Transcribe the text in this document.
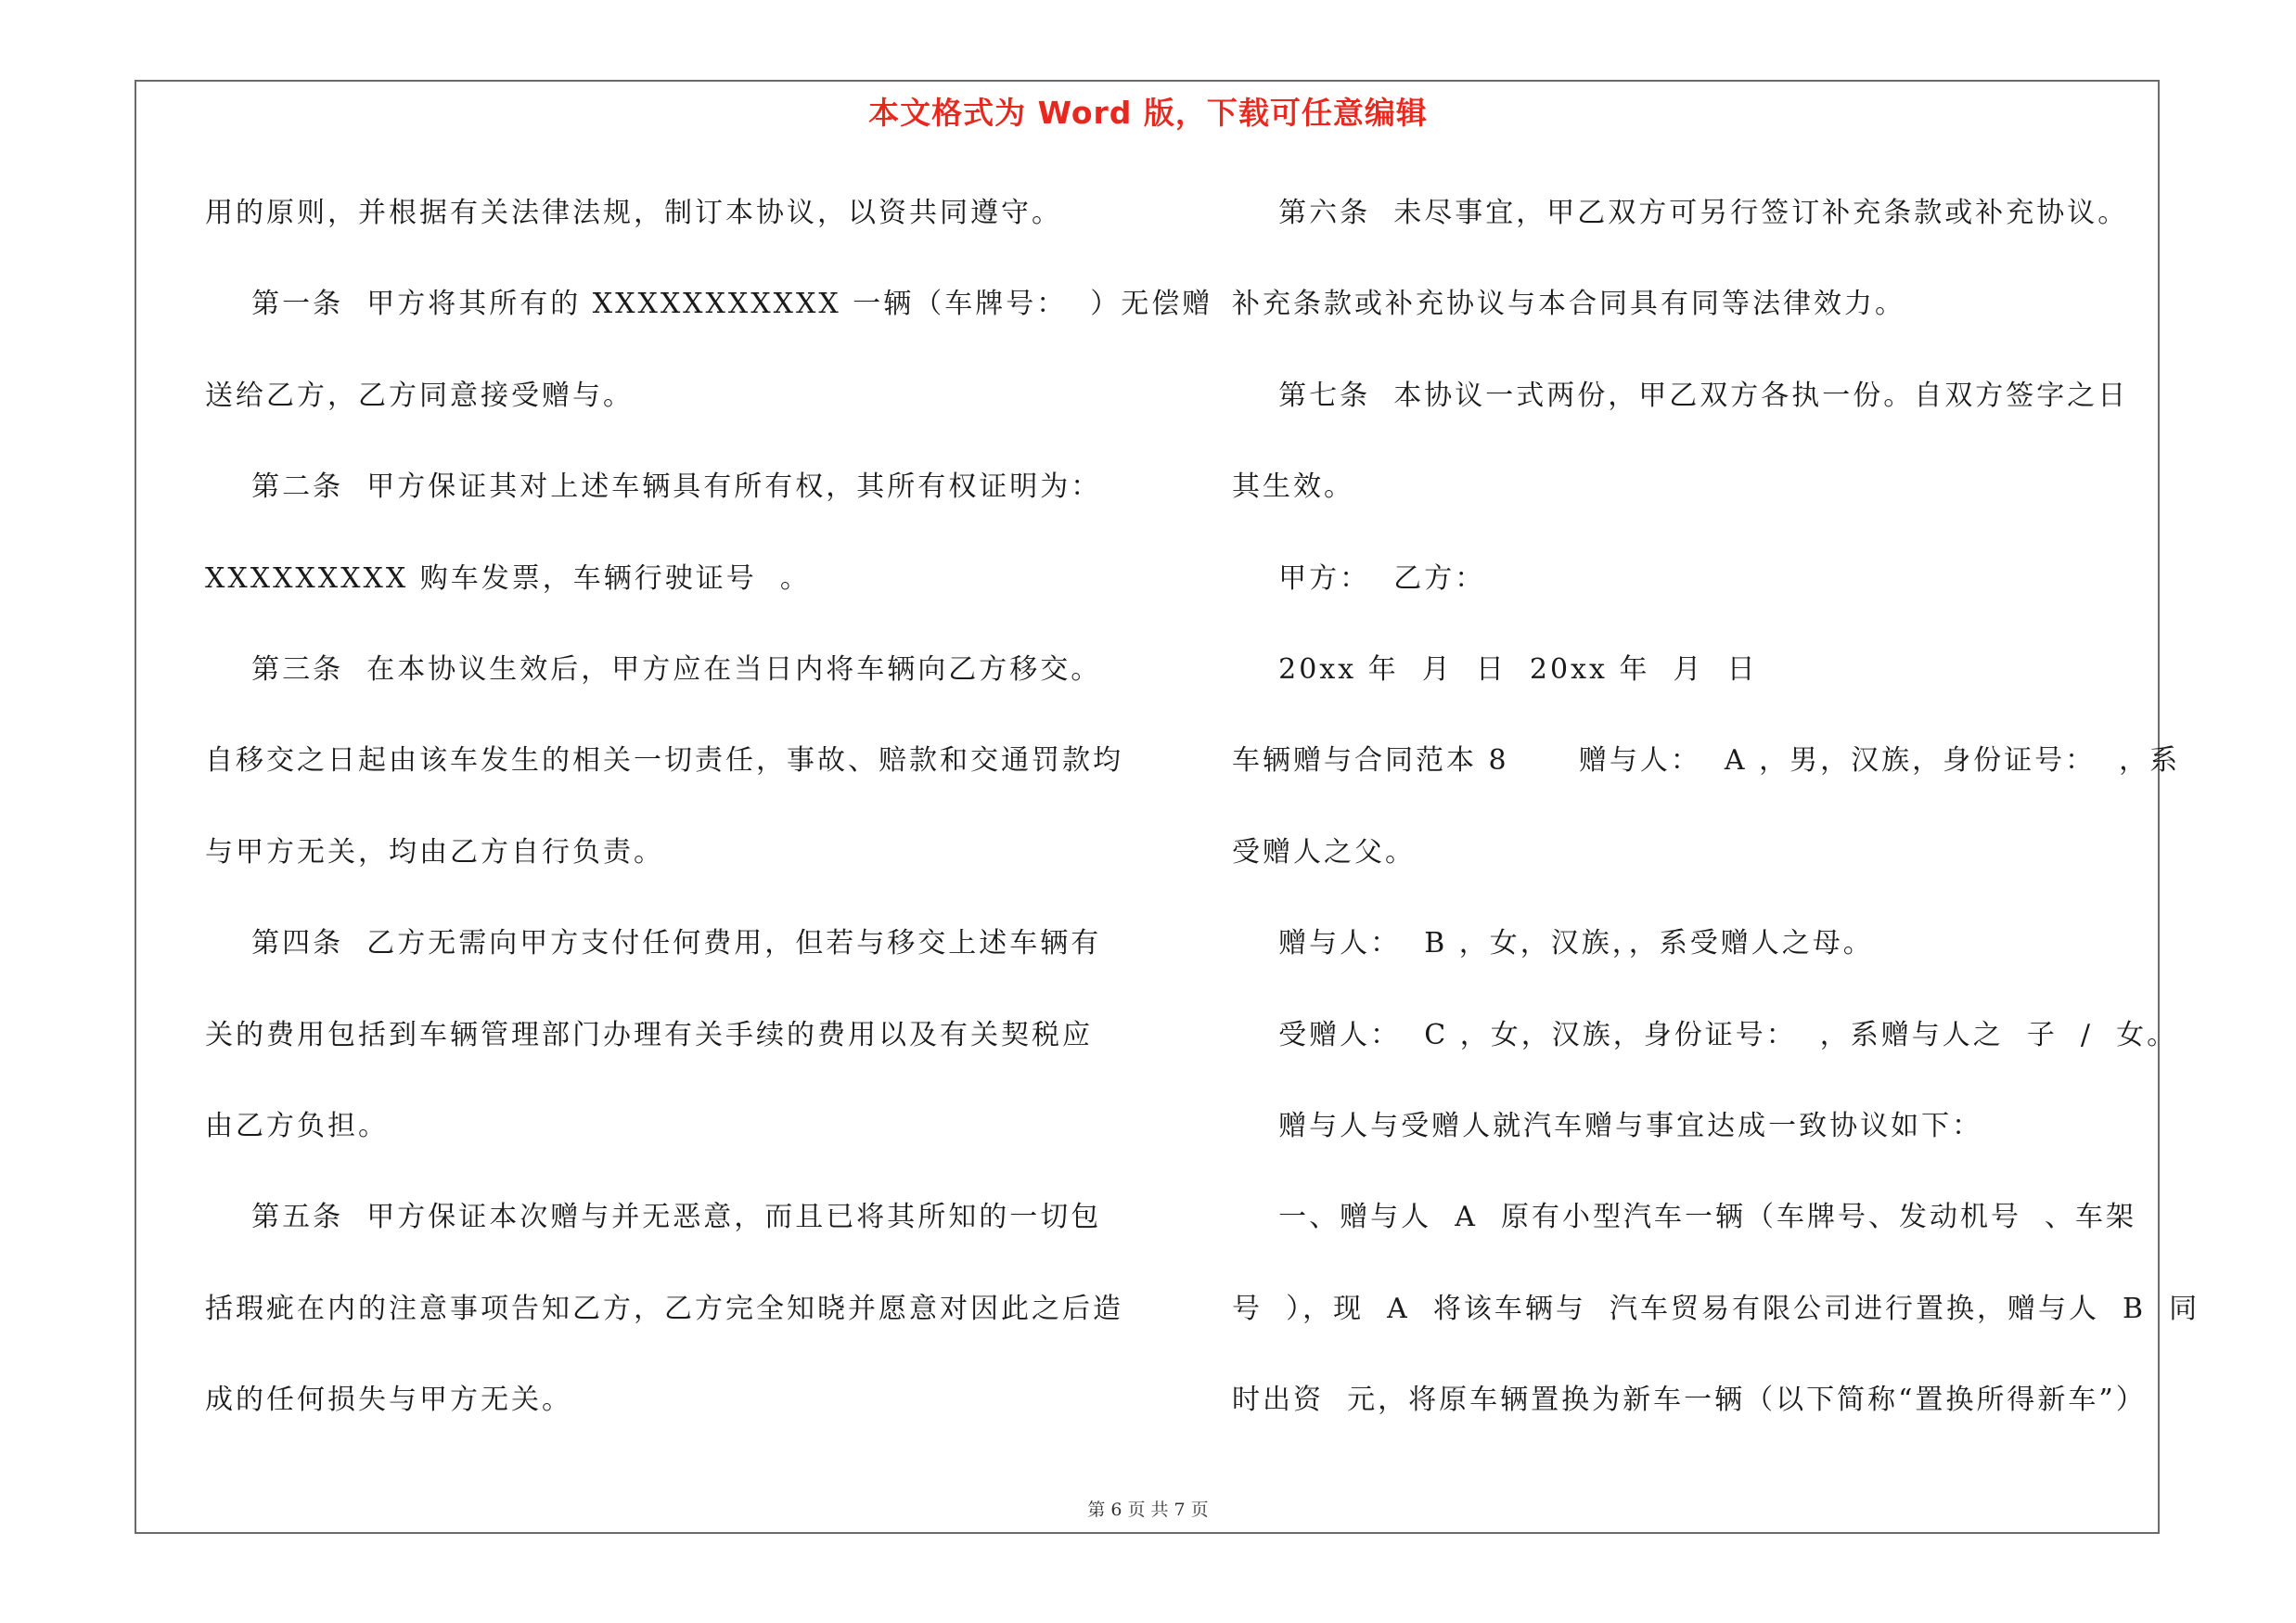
本文格式为 Word 版，下载可任意编辑
用的原则，并根据有关法律法规，制订本协议，以资共同遵守。
第一条  甲方将其所有的 XXXXXXXXXXX 一辆（车牌号：  ）无偿赠
送给乙方，乙方同意接受赠与。
第二条  甲方保证其对上述车辆具有所有权，其所有权证明为：
XXXXXXXXX 购车发票，车辆行驶证号  。
第三条  在本协议生效后，甲方应在当日内将车辆向乙方移交。
自移交之日起由该车发生的相关一切责任，事故、赔款和交通罚款均
与甲方无关，均由乙方自行负责。
第四条  乙方无需向甲方支付任何费用，但若与移交上述车辆有
关的费用包括到车辆管理部门办理有关手续的费用以及有关契税应
由乙方负担。
第五条  甲方保证本次赠与并无恶意，而且已将其所知的一切包
括瑕疵在内的注意事项告知乙方，乙方完全知晓并愿意对因此之后造
成的任何损失与甲方无关。
第六条  未尽事宜，甲乙双方可另行签订补充条款或补充协议。
补充条款或补充协议与本合同具有同等法律效力。
第七条  本协议一式两份，甲乙双方各执一份。自双方签字之日
其生效。
甲方：  乙方：
20xx 年  月  日  20xx 年  月  日
车辆赠与合同范本 8      赠与人：  A ，男，汉族，身份证号：  ，系
受赠人之父。
赠与人：  B ，女，汉族，，系受赠人之母。
受赠人：  C ，女，汉族，身份证号：  ，系赠与人之  子  /  女。
赠与人与受赠人就汽车赠与事宜达成一致协议如下：
一、赠与人  A  原有小型汽车一辆（车牌号、发动机号  、车架
号  ），现  A  将该车辆与  汽车贸易有限公司进行置换，赠与人  B  同
时出资  元，将原车辆置换为新车一辆（以下简称“置换所得新车”）
第 6 页 共 7 页
